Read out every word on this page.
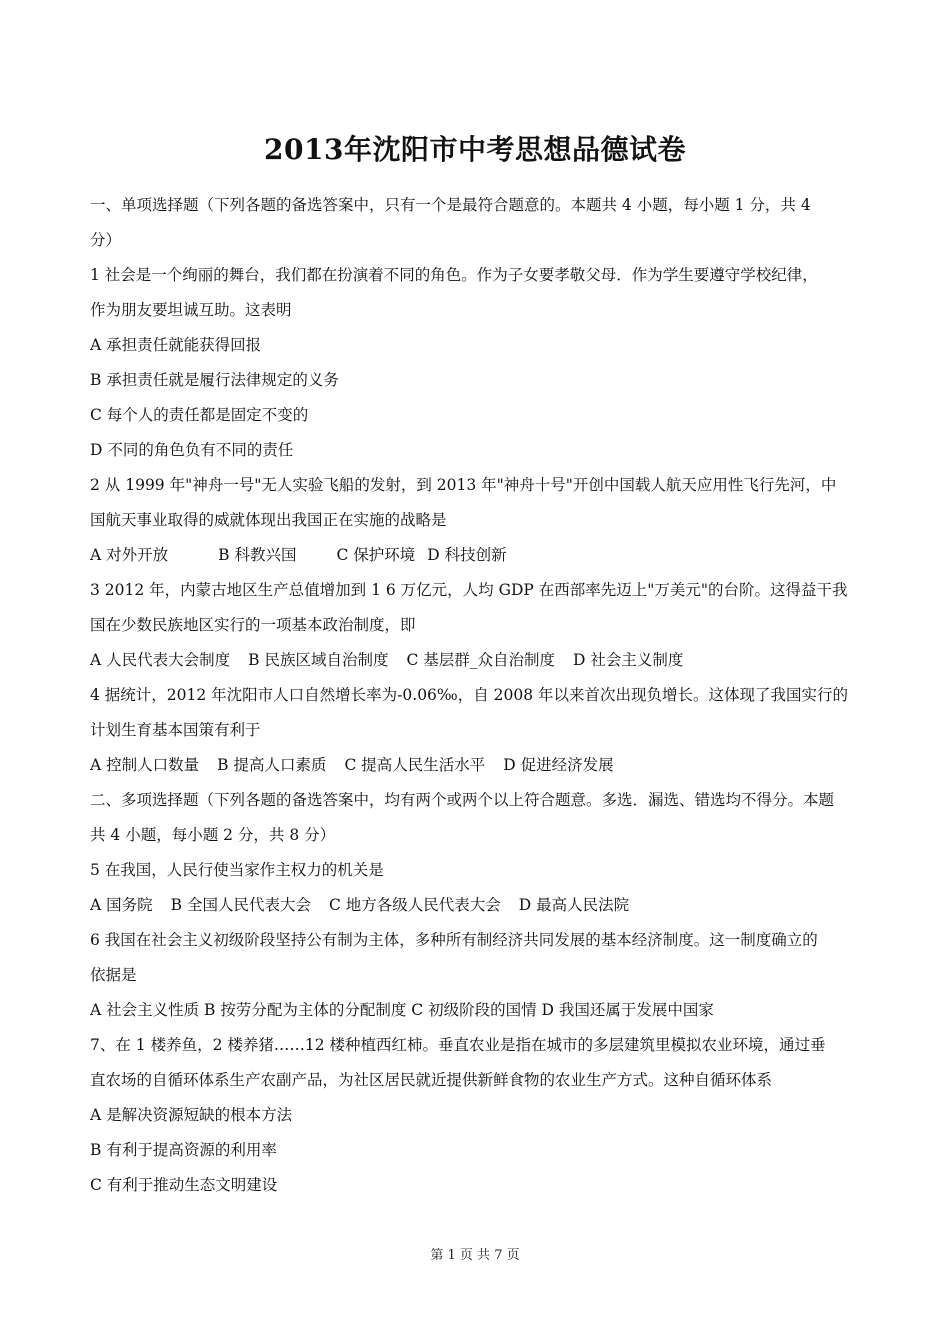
2013年沈阳市中考思想品德试卷
一、单项选择题（下列各题的备选答案中，只有一个是最符合题意的。本题共 4 小题，每小题 1 分，共 4
分）
1 社会是一个绚丽的舞台，我们都在扮演着不同的角色。作为子女要孝敬父母．作为学生要遵守学校纪律，
作为朋友要坦诚互助。这表明
A 承担责任就能获得回报
B 承担责任就是履行法律规定的义务
C 每个人的责任都是固定不变的
D 不同的角色负有不同的责任
2 从 1999 年"神舟一号"无人实验飞船的发射，到 2013 年"神舟十号"开创中国载人航天应用性飞行先河，中
国航天事业取得的威就体现出我国正在实施的战略是
A 对外开放	B 科教兴国	C 保护环境 D 科技创新
3 2012 年，内蒙古地区生产总值增加到 1 6 万亿元，人均 GDP 在西部率先迈上"万美元"的台阶。这得益干我
国在少数民族地区实行的一项基本政治制度，即
A 人民代表大会制度 B 民族区域自治制度 C 基层群_众自治制度 D 社会主义制度
4 据统计，2012 年沈阳市人口自然增长率为-0.06‰，自 2008 年以来首次出现负增长。这体现了我国实行的
计划生育基本国策有利于
A 控制人口数量 B 提高人口素质 C 提高人民生活水平 D 促进经济发展
二、多项选择题（下列各题的备选答案中，均有两个或两个以上符合题意。多选．漏选、错选均不得分。本题
共 4 小题，每小题 2 分，共 8 分）
5 在我国，人民行使当家作主权力的机关是
A 国务院 B 全国人民代表大会 C 地方各级人民代表大会 D 最高人民法院
6 我国在社会主义初级阶段坚持公有制为主体，多种所有制经济共同发展的基本经济制度。这一制度确立的
依据是
A 社会主义性质 B 按劳分配为主体的分配制度 C 初级阶段的国情 D 我国还属于发展中国家
7、在 1 楼养鱼，2 楼养猪……12 楼种植西红柿。垂直农业是指在城市的多层建筑里模拟农业环境，通过垂
直农场的自循环体系生产农副产品，为社区居民就近提供新鲜食物的农业生产方式。这种自循环体系
A 是解决资源短缺的根本方法
B 有利于提高资源的利用率
C 有利于推动生态文明建设
第 1 页 共 7 页
